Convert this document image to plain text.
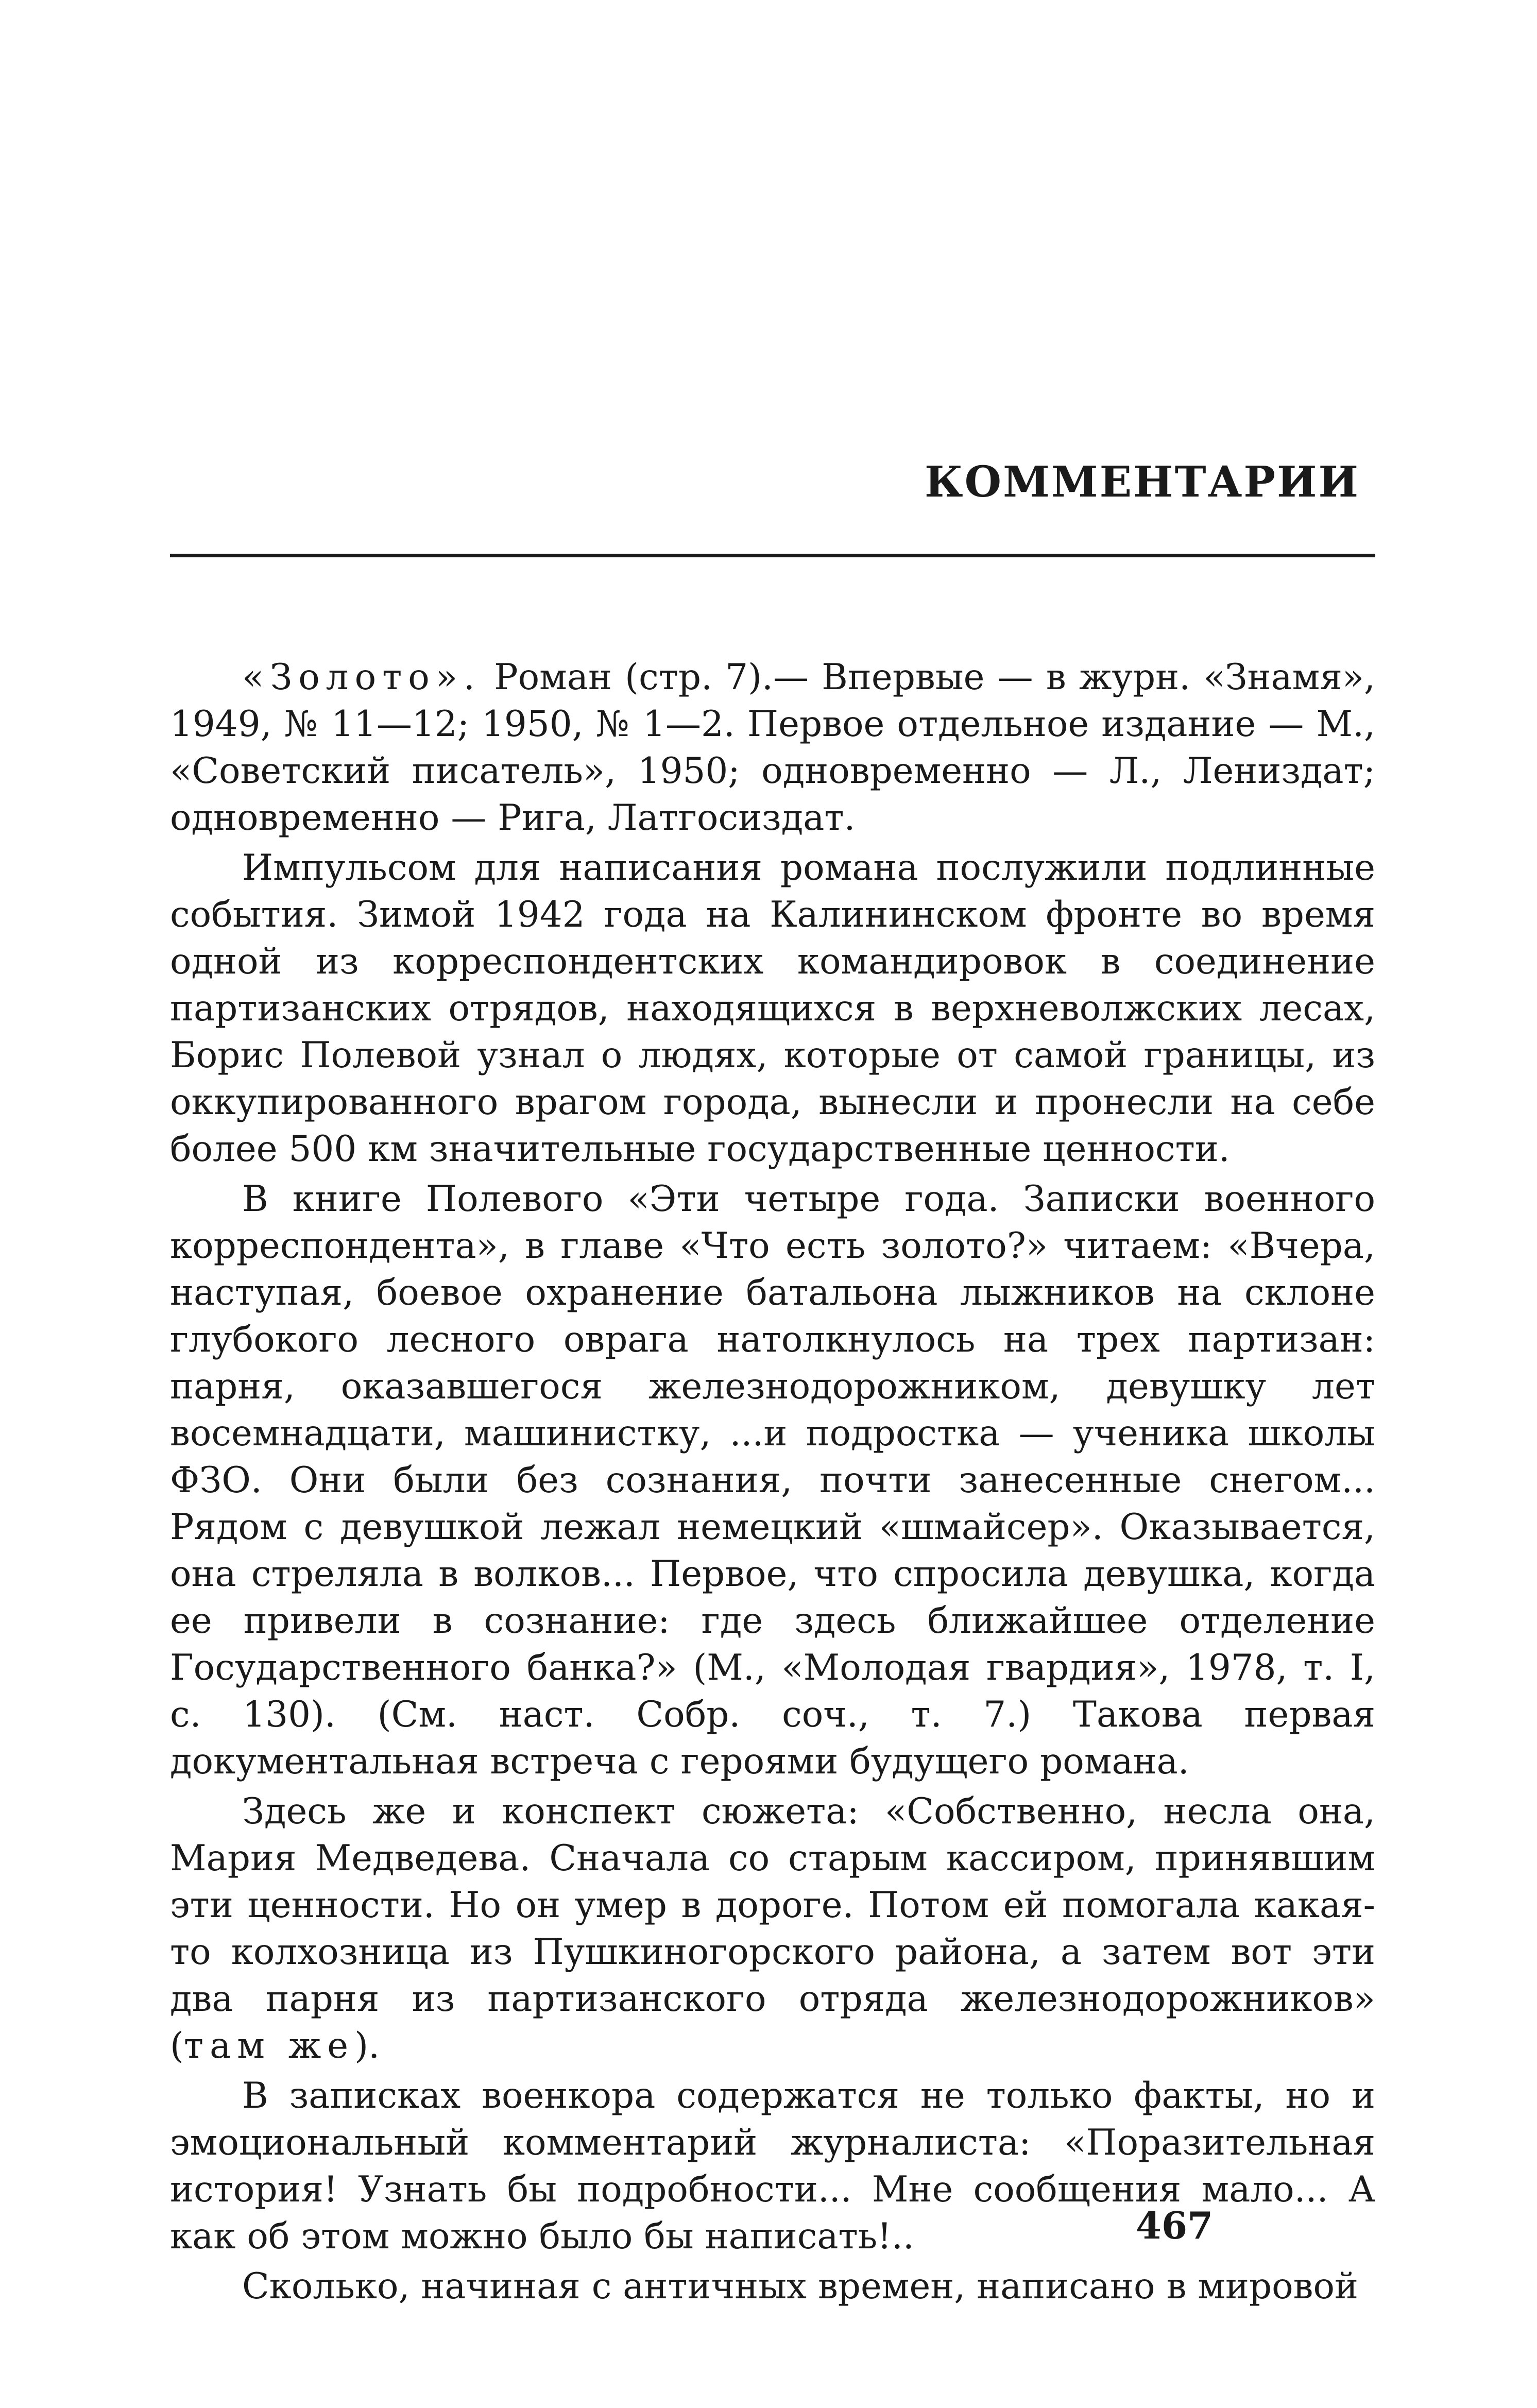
КОММЕНТАРИИ

«Золото». Роман (стр. 7).— Впервые — в журн. «Знамя», 1949, № 11—12; 1950, № 1—2. Первое отдельное издание — М., «Советский писатель», 1950; одновременно — Л., Лениздат; одновременно — Рига, Латгосиздат.

Импульсом для написания романа послужили подлинные события. Зимой 1942 года на Калининском фронте во время одной из корреспондентских командировок в соединение партизанских отрядов, находящихся в верхневолжских лесах, Борис Полевой узнал о людях, которые от самой границы, из оккупированного врагом города, вынесли и пронесли на себе более 500 км значительные государственные ценности.

В книге Полевого «Эти четыре года. Записки военного корреспондента», в главе «Что есть золото?» читаем: «Вчера, наступая, боевое охранение батальона лыжников на склоне глубокого лесного оврага натолкнулось на трех партизан: парня, оказавшегося железнодорожником, девушку лет восемнадцати, машинистку, ...и подростка — ученика школы ФЗО. Они были без сознания, почти занесенные снегом... Рядом с девушкой лежал немецкий «шмайсер». Оказывается, она стреляла в волков... Первое, что спросила девушка, когда ее привели в сознание: где здесь ближайшее отделение Государственного банка?» (М., «Молодая гвардия», 1978, т. I, с. 130). (См. наст. Собр. соч., т. 7.) Такова первая документальная встреча с героями будущего романа.

Здесь же и конспект сюжета: «Собственно, несла она, Мария Медведева. Сначала со старым кассиром, принявшим эти ценности. Но он умер в дороге. Потом ей помогала какая-то колхозница из Пушкиногорского района, а затем вот эти два парня из партизанского отряда железнодорожников» (там же).

В записках военкора содержатся не только факты, но и эмоциональный комментарий журналиста: «Поразительная история! Узнать бы подробности... Мне сообщения мало... А как об этом можно было бы написать!..

Сколько, начиная с античных времен, написано в мировой

467
